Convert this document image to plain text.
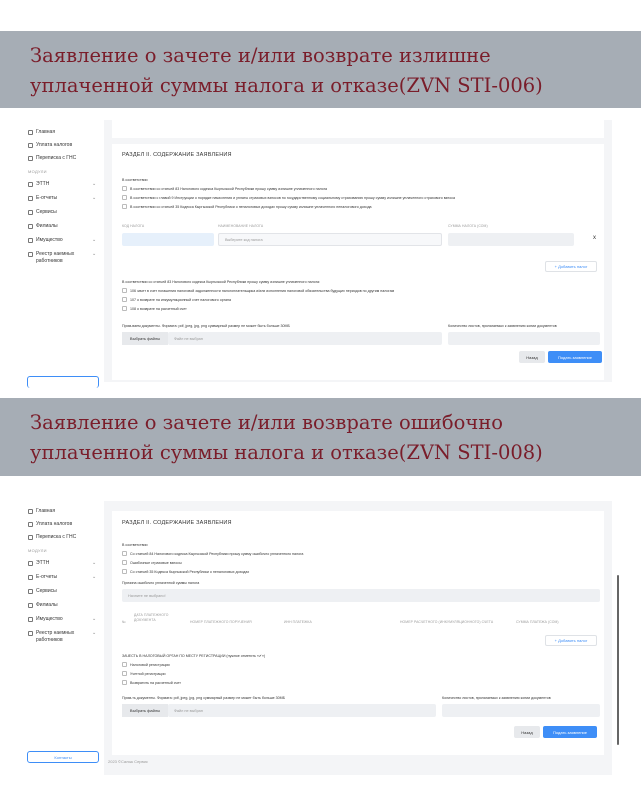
Заявление о зачете и/или возврате излишне
уплаченной суммы налога и отказе(ZVN STI-006)
Главная
Уплата налогов
Переписка с ГНС
МОДУЛИ
ЭТТН	⌄
Е-отчеты	⌄
Сервисы
Филиалы
Имущество	⌄
Реестр наемных	⌄
работников
РАЗДЕЛ II. СОДЕРЖАНИЕ ЗАЯВЛЕНИЯ
В соответствии
В соответствии со статьей 83 Налогового кодекса Кыргызской Республики прошу сумму излишне уплаченного налога
В соответствии с главой 9 Инструкции о порядке начисления и уплаты страховых взносов по государственному социальному страхованию прошу сумму излишне уплаченного страхового взноса
В соответствии со статьей 35 Кодекса Кыргызской Республики о неналоговых доходах прошу сумму излишне уплаченного неналогового дохода
КОД НАЛОГА	НАИМЕНОВАНИЕ НАЛОГА	СУММА НАЛОГА (СОМ)
Выберите код налога	x
+ Добавить налог
В соответствии со статьей 83 Налогового кодекса Кыргызской Республики прошу сумму излишне уплаченного налога:
106 зачет в счет погашения налоговой задолженности налогоплательщика и/или исполнения налоговой обязательства будущих периодов по другим налогам
107 о возврате на инкумуляционный счет налогового органа
108 о возврате на расчетный счет
Прим-ваем документы. Формата: pdf, jpeg, jpg, png суммарный размер не может быть больше 30МБ	Количество листов, прилагаемых к заявлению копии документов
Выбрать файлы	Файл не выбран
Назад	Подать заявление
Заявление о зачете и/или возврате ошибочно
уплаченной суммы налога и отказе(ZVN STI-008)
Главная
Уплата налогов
Переписка с ГНС
МОДУЛИ
ЭТТН	⌄
Е-отчеты	⌄
Сервисы
Филиалы
Имущество	⌄
Реестр наемных	⌄
работников
Контакты
РАЗДЕЛ II. СОДЕРЖАНИЕ ЗАЯВЛЕНИЯ
В соответствии
Со статьей 84 Налогового кодекса Кыргызской Республики прошу сумму ошибочно уплаченного налога
Ошибочные страховые взносы
Со статьей 35 Кодекса Кыргызской Республики о неналоговых доходах
Причина ошибочно уплаченной суммы налога
Начните не выбрано!
№
ДАТА ПЛАТЕЖНОГО ДОКУМЕНТА	НОМЕР ПЛАТЕЖНОГО ПОРУЧЕНИЯ	ИНН ПЛАТЕЖКА	НОМЕР РАСЧЕТНОГО (ИНКУМУЛЯЦИОННОГО) СЧЕТА	СУММА ПЛАТЕЖА (СОМ)
+ Добавить налог
ЗАЧЕСТЬ В НАЛОГОВЫЙ ОРГАН ПО МЕСТУ РЕГИСТРАЦИИ (нужное отметить «✔»)
Налоговой регистрации
Учетной регистрации
Возвратить на расчетный счет
Прим-ть документы. Формата: pdf, jpeg, jpg, png суммарный размер не может быть больше 30МБ	Количество листов, прилагаемых к заявлению копии документов
Выбрать файлы	Файл не выбран
Назад	Подать заявление
2023 ©Салык Сервис
